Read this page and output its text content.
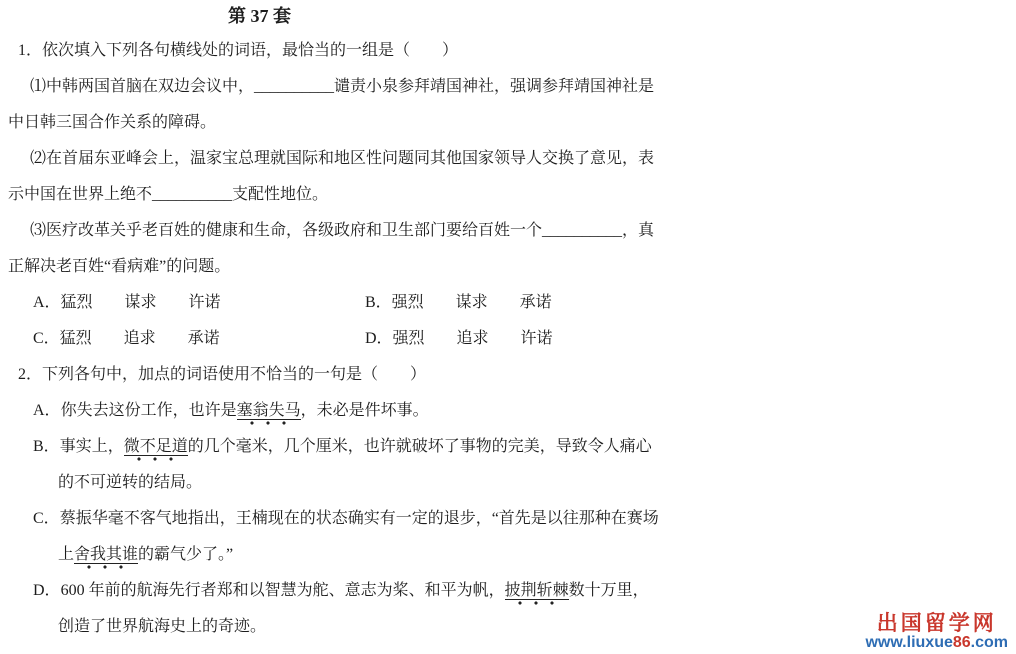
第 37 套
1．依次填入下列各句横线处的词语，最恰当的一组是（　　）
⑴中韩两国首脑在双边会议中，__________谴责小泉参拜靖国神社，强调参拜靖国神社是
中日韩三国合作关系的障碍。
⑵在首届东亚峰会上，温家宝总理就国际和地区性问题同其他国家领导人交换了意见，表
示中国在世界上绝不__________支配性地位。
⑶医疗改革关乎老百姓的健康和生命，各级政府和卫生部门要给百姓一个__________，真
正解决老百姓“看病难”的问题。
A．猛烈　　谋求　　许诺	B．强烈　　谋求　　承诺
C．猛烈　　追求　　承诺	D．强烈　　追求　　许诺
2．下列各句中，加点的词语使用不恰当的一句是（　　）
A．你失去这份工作，也许是塞翁失马，未必是件坏事。
B．事实上，微不足道的几个毫米，几个厘米，也许就破坏了事物的完美，导致令人痛心
的不可逆转的结局。
C．蔡振华毫不客气地指出，王楠现在的状态确实有一定的退步，“首先是以往那种在赛场
上舍我其谁的霸气少了。”
D．600 年前的航海先行者郑和以智慧为舵、意志为桨、和平为帆，披荆斩棘数十万里，
创造了世界航海史上的奇迹。	出国留学网
www.liuxue86.com
